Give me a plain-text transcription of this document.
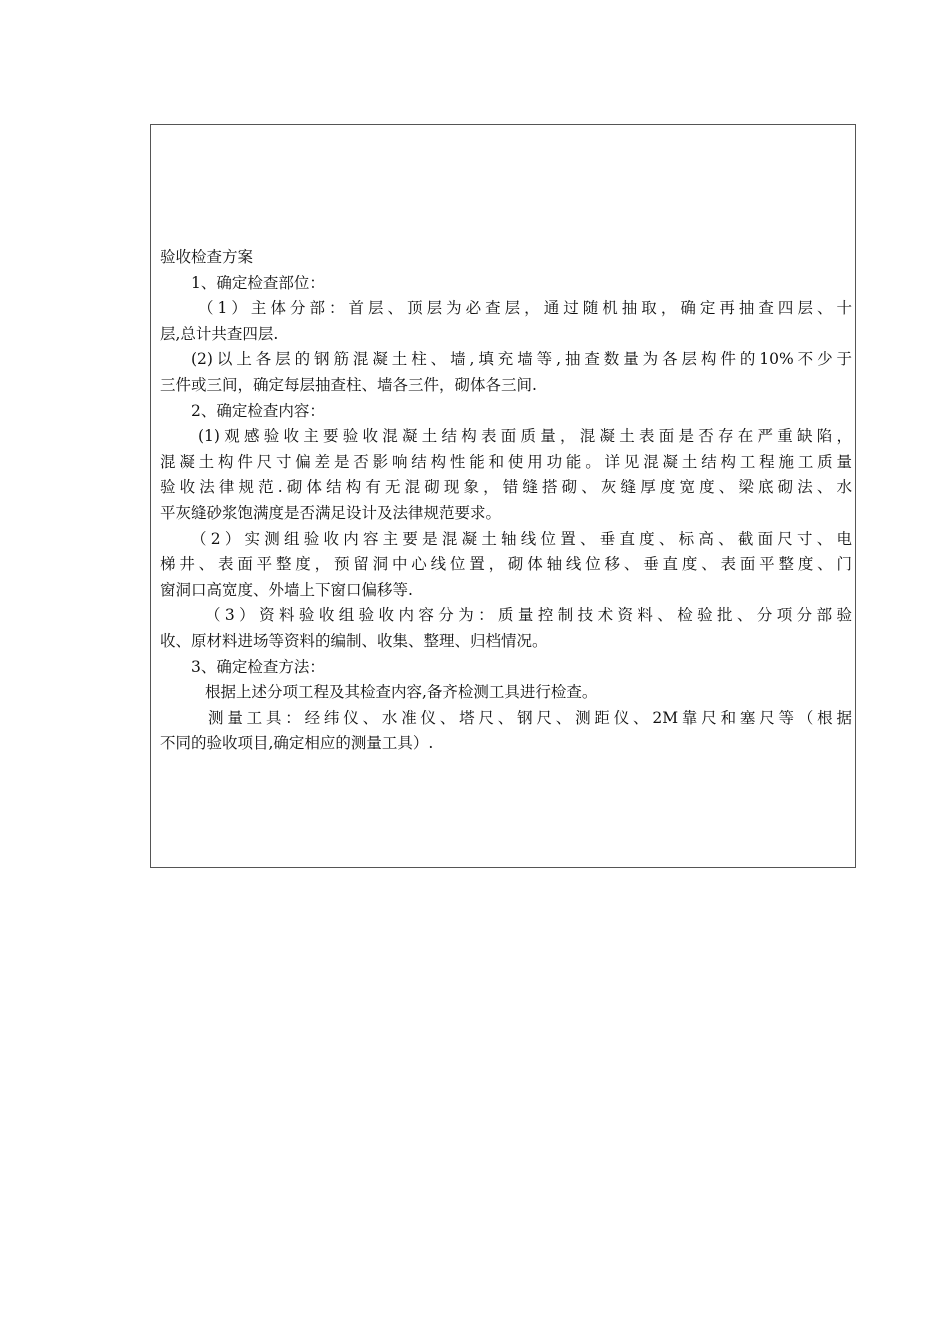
验收检查方案

1、确定检查部位：

（1）主体分部：首层、顶层为必查层，通过随机抽取，确定再抽查四层、十

层,总计共查四层.

(2)以上各层的钢筋混凝土柱、墙,填充墙等,抽查数量为各层构件的10%不少于

三件或三间，确定每层抽查柱、墙各三件，砌体各三间.

2、确定检查内容：

(1)观感验收主要验收混凝土结构表面质量，混凝土表面是否存在严重缺陷，

混凝土构件尺寸偏差是否影响结构性能和使用功能。详见混凝土结构工程施工质量

验收法律规范.砌体结构有无混砌现象，错缝搭砌、灰缝厚度宽度、梁底砌法、水

平灰缝砂浆饱满度是否满足设计及法律规范要求。

（2）实测组验收内容主要是混凝土轴线位置、垂直度、标高、截面尺寸、电

梯井、表面平整度，预留洞中心线位置，砌体轴线位移、垂直度、表面平整度、门

窗洞口高宽度、外墙上下窗口偏移等.

（3）资料验收组验收内容分为：质量控制技术资料、检验批、分项分部验

收、原材料进场等资料的编制、收集、整理、归档情况。

3、确定检查方法：

根据上述分项工程及其检查内容,备齐检测工具进行检查。

测量工具：经纬仪、水准仪、塔尺、钢尺、测距仪、2M靠尺和塞尺等（根据

不同的验收项目,确定相应的测量工具）.
